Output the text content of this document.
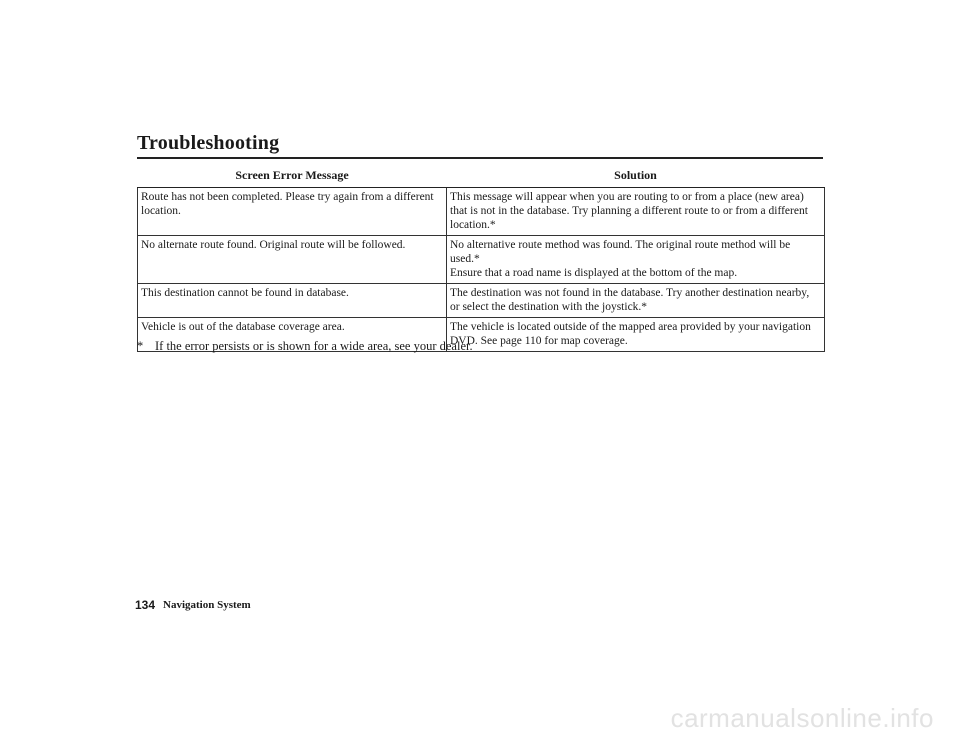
Troubleshooting
Screen Error Message	Solution
Route has not been completed. Please try again from a different location.	This message will appear when you are routing to or from a place (new area) that is not in the database. Try planning a different route to or from a different location.*

No alternate route found. Original route will be followed.	No alternative route method was found. The original route method will be used.*
Ensure that a road name is displayed at the bottom of the map.

This destination cannot be found in database.	The destination was not found in the database. Try another destination nearby, or select the destination with the joystick.*

Vehicle is out of the database coverage area.	The vehicle is located outside of the mapped area provided by your navigation DVD. See page 110 for map coverage.
* If the error persists or is shown for a wide area, see your dealer.
134 Navigation System
carmanualsonline.info
